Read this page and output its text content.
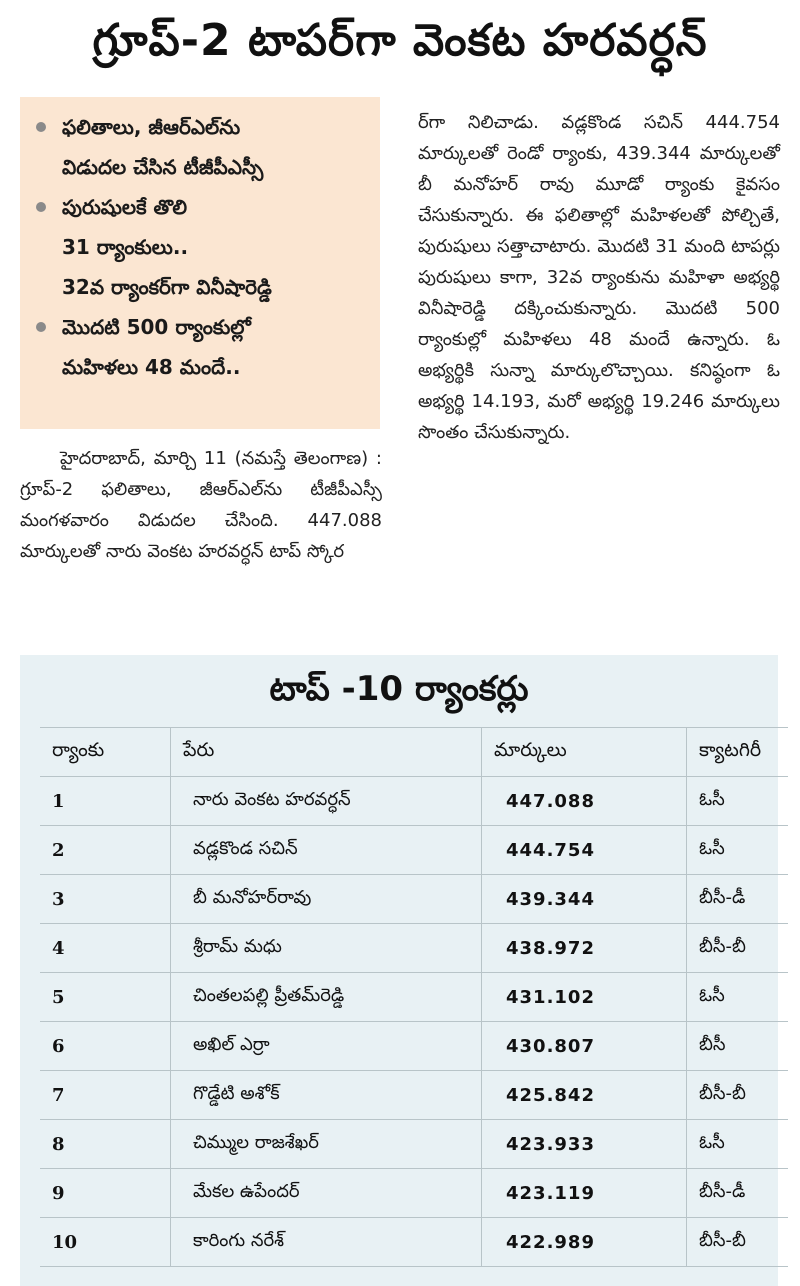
గ్రూప్‌-2 టాపర్‌గా వెంకట హరవర్ధన్‌
ఫలితాలు, జీఆర్‌ఎల్‌ను
విడుదల చేసిన టీజీపీఎస్సీ
పురుషులకే తొలి
31 ర్యాంకులు..
32వ ర్యాంకర్‌గా వినీషారెడ్డి
మొదటి 500 ర్యాంకుల్లో
మహిళలు 48 మందే..
హైదరాబాద్‌, మార్చి 11 (నమస్తే తెలంగాణ) : గ్రూప్‌-2 ఫలితాలు, జీఆర్‌ఎల్‌ను టీజీపీఎస్సీ మంగళవారం విడుదల చేసింది. 447.088 మార్కులతో నారు వెంకట హరవర్ధన్‌ టాప్‌ స్కోర
ర్‌గా నిలిచాడు. వడ్లకొండ సచిన్‌ 444.754 మార్కులతో రెండో ర్యాంకు, 439.344 మార్కులతో బీ మనోహర్‌ రావు మూడో ర్యాంకు కైవసం చేసుకున్నారు. ఈ ఫలితాల్లో మహిళలతో పోల్చితే, పురుషులు సత్తాచాటారు. మొదటి 31 మంది టాపర్లు పురుషులు కాగా, 32వ ర్యాంకును మహిళా అభ్యర్థి వినీషారెడ్డి దక్కించుకున్నారు. మొదటి 500 ర్యాంకుల్లో మహిళలు 48 మందే ఉన్నారు. ఓ అభ్యర్థికి సున్నా మార్కులొచ్చాయి. కనిష్ఠంగా ఓ అభ్యర్థి 14.193, మరో అభ్యర్థి 19.246 మార్కులు సొంతం చేసుకున్నారు.
టాప్‌ -10 ర్యాంకర్లు
ర్యాంకు	పేరు	మార్కులు	క్యాటగిరీ
1	నారు వెంకట హరవర్ధన్‌	447.088	ఓసీ
2	వడ్లకొండ సచిన్‌	444.754	ఓసీ
3	బీ మనోహర్‌రావు	439.344	బీసీ-డీ
4	శ్రీరామ్‌ మధు	438.972	బీసీ-బీ
5	చింతలపల్లి ప్రీతమ్‌రెడ్డి	431.102	ఓసీ
6	అఖిల్‌ ఎర్రా	430.807	బీసీ
7	గొడ్డేటి అశోక్‌	425.842	బీసీ-బీ
8	చిమ్ముల రాజశేఖర్‌	423.933	ఓసీ
9	మేకల ఉపేందర్‌	423.119	బీసీ-డీ
10	కారింగు నరేశ్‌	422.989	బీసీ-బీ
